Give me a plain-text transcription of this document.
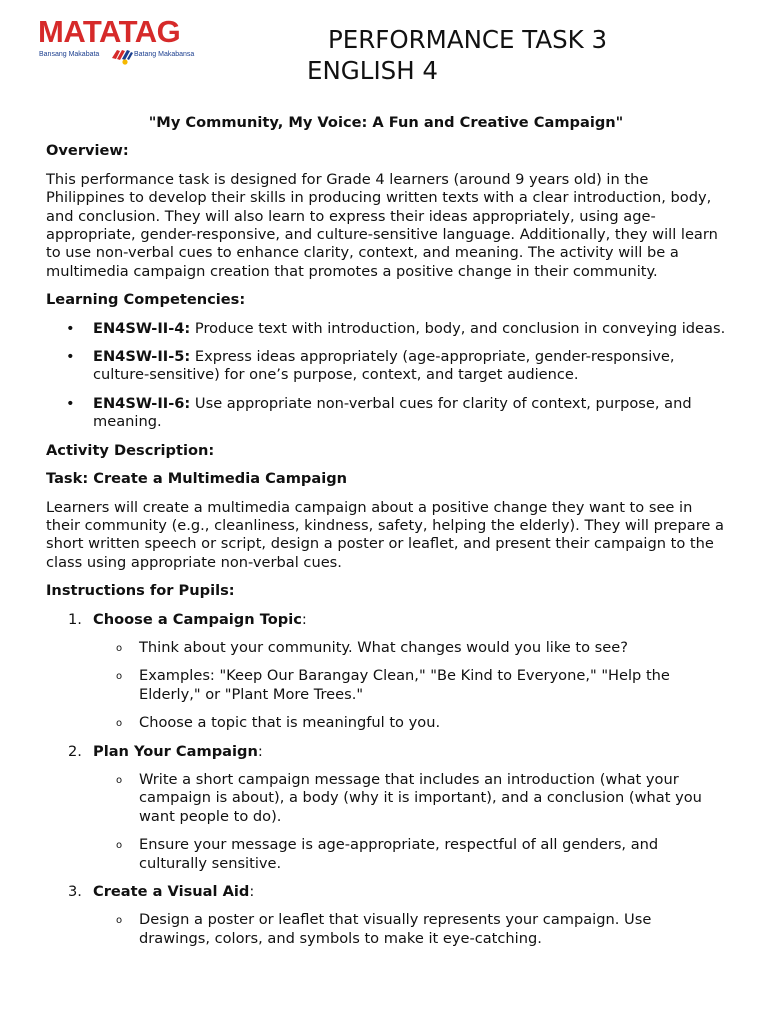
MATATAG
Bansang Makabata	Batang Makabansa
PERFORMANCE TASK 3
ENGLISH 4

"My Community, My Voice: A Fun and Creative Campaign"

Overview:

This performance task is designed for Grade 4 learners (around 9 years old) in the Philippines to develop their skills in producing written texts with a clear introduction, body, and conclusion. They will also learn to express their ideas appropriately, using age-appropriate, gender-responsive, and culture-sensitive language. Additionally, they will learn to use non-verbal cues to enhance clarity, context, and meaning. The activity will be a multimedia campaign creation that promotes a positive change in their community.

Learning Competencies:

• EN4SW-II-4: Produce text with introduction, body, and conclusion in conveying ideas.
• EN4SW-II-5: Express ideas appropriately (age-appropriate, gender-responsive, culture-sensitive) for one’s purpose, context, and target audience.
• EN4SW-II-6: Use appropriate non-verbal cues for clarity of context, purpose, and meaning.

Activity Description:

Task: Create a Multimedia Campaign

Learners will create a multimedia campaign about a positive change they want to see in their community (e.g., cleanliness, kindness, safety, helping the elderly). They will prepare a short written speech or script, design a poster or leaflet, and present their campaign to the class using appropriate non-verbal cues.

Instructions for Pupils:

1. Choose a Campaign Topic:
o Think about your community. What changes would you like to see?
o Examples: "Keep Our Barangay Clean," "Be Kind to Everyone," "Help the Elderly," or "Plant More Trees."
o Choose a topic that is meaningful to you.
2. Plan Your Campaign:
o Write a short campaign message that includes an introduction (what your campaign is about), a body (why it is important), and a conclusion (what you want people to do).
o Ensure your message is age-appropriate, respectful of all genders, and culturally sensitive.
3. Create a Visual Aid:
o Design a poster or leaflet that visually represents your campaign. Use drawings, colors, and symbols to make it eye-catching.
